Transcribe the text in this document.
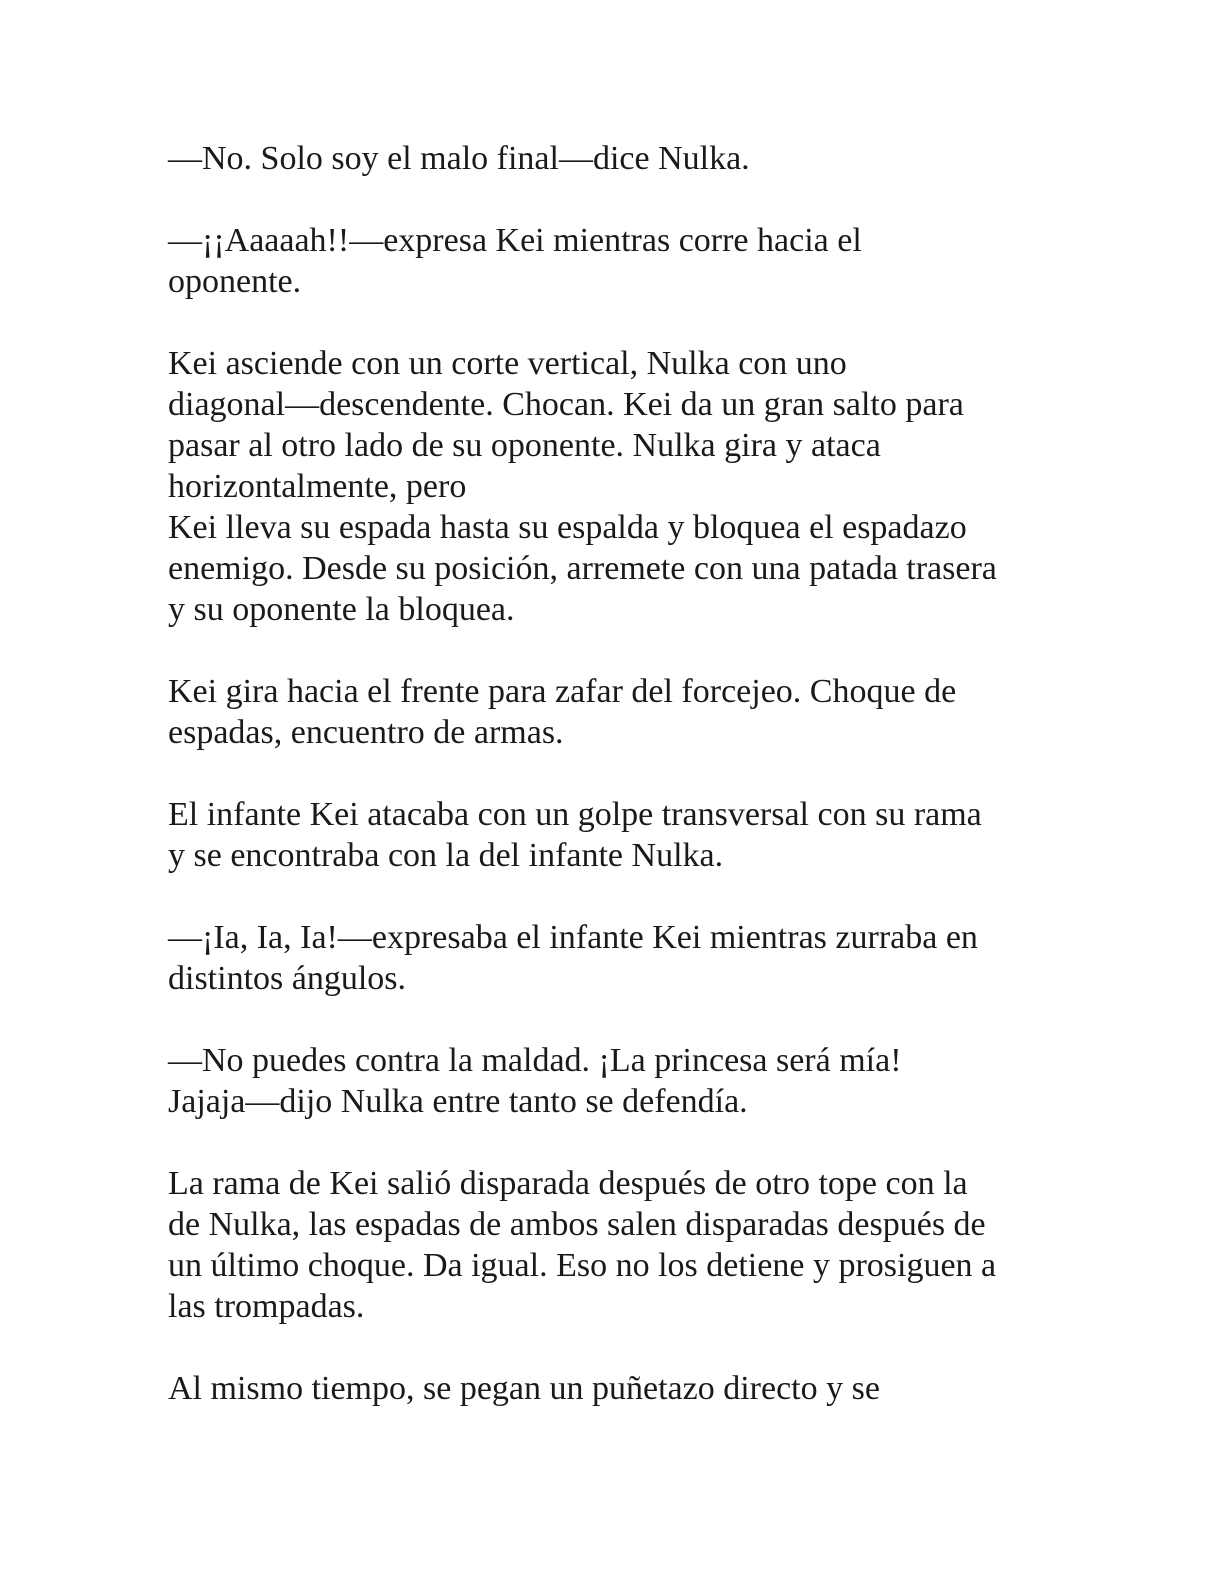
—No. Solo soy el malo final—dice Nulka.
—¡¡Aaaaah!!—expresa Kei mientras corre hacia el
oponente.
Kei asciende con un corte vertical, Nulka con uno
diagonal—descendente. Chocan. Kei da un gran salto para
pasar al otro lado de su oponente. Nulka gira y ataca
horizontalmente, pero
Kei lleva su espada hasta su espalda y bloquea el espadazo
enemigo. Desde su posición, arremete con una patada trasera
y su oponente la bloquea.
Kei gira hacia el frente para zafar del forcejeo. Choque de
espadas, encuentro de armas.
El infante Kei atacaba con un golpe transversal con su rama
y se encontraba con la del infante Nulka.
—¡Ia, Ia, Ia!—expresaba el infante Kei mientras zurraba en
distintos ángulos.
—No puedes contra la maldad. ¡La princesa será mía!
Jajaja—dijo Nulka entre tanto se defendía.
La rama de Kei salió disparada después de otro tope con la
de Nulka, las espadas de ambos salen disparadas después de
un último choque. Da igual. Eso no los detiene y prosiguen a
las trompadas.
Al mismo tiempo, se pegan un puñetazo directo y se
